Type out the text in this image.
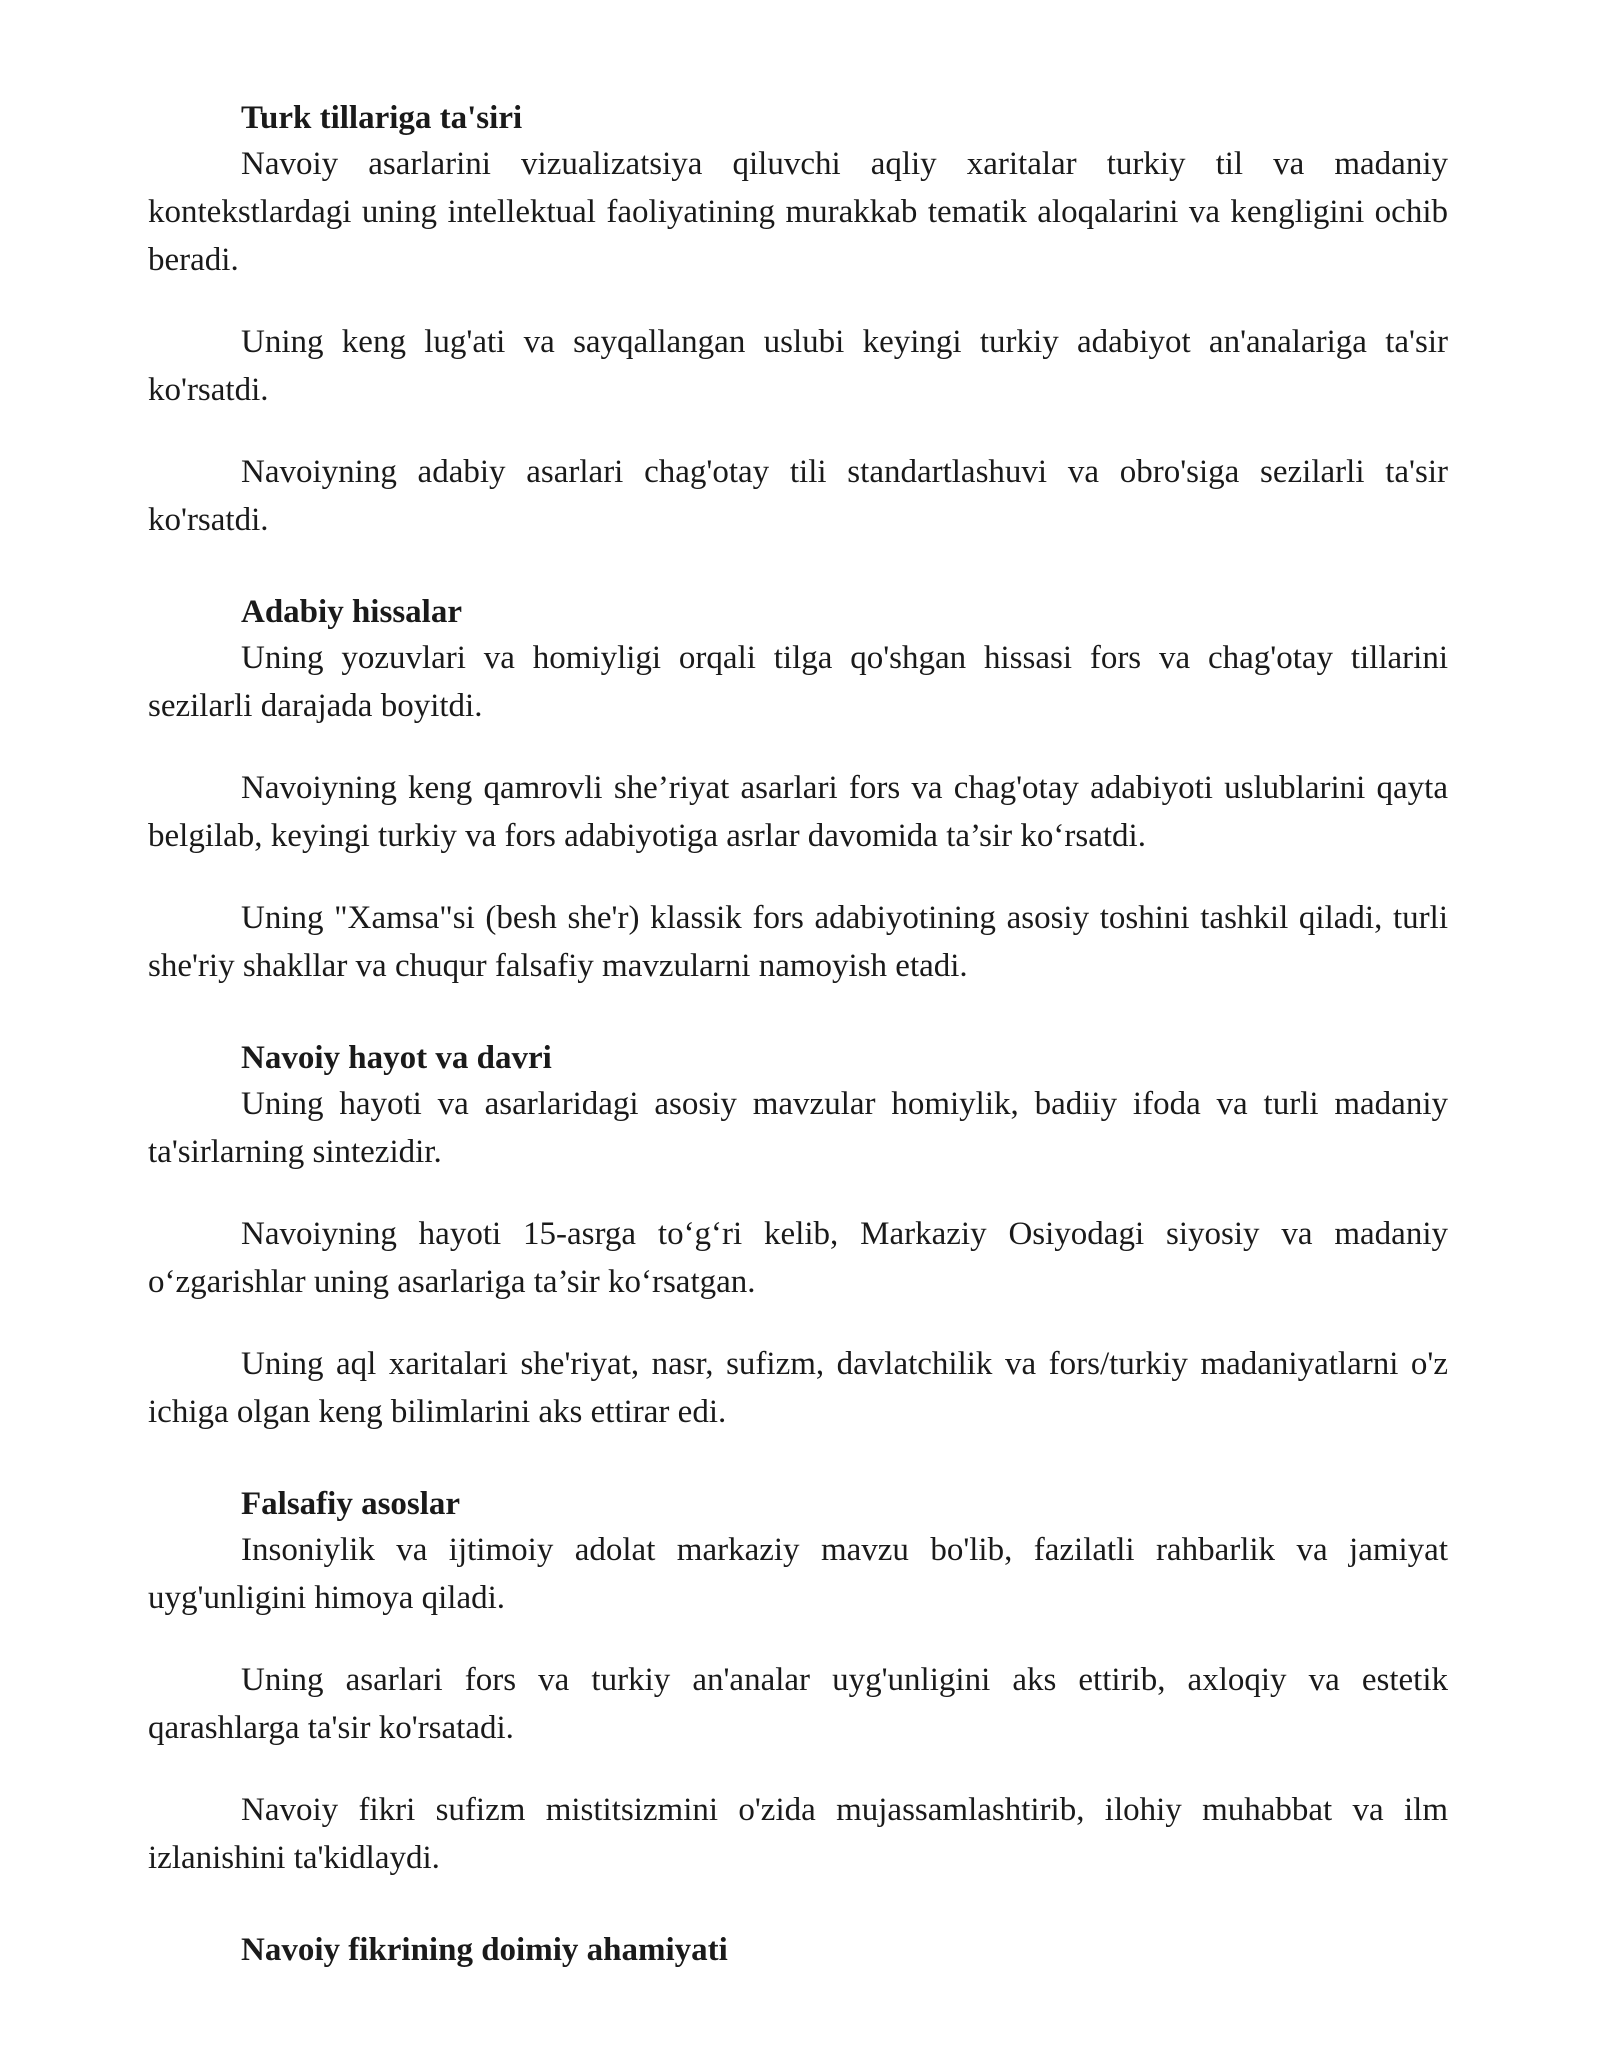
Turk tillariga ta'siri

Navoiy asarlarini vizualizatsiya qiluvchi aqliy xaritalar turkiy til va madaniy kontekstlardagi uning intellektual faoliyatining murakkab tematik aloqalarini va kengligini ochib beradi.

Uning keng lug'ati va sayqallangan uslubi keyingi turkiy adabiyot an'analariga ta'sir ko'rsatdi.

Navoiyning adabiy asarlari chag'otay tili standartlashuvi va obro'siga sezilarli ta'sir ko'rsatdi.

Adabiy hissalar

Uning yozuvlari va homiyligi orqali tilga qo'shgan hissasi fors va chag'otay tillarini sezilarli darajada boyitdi.

Navoiyning keng qamrovli she’riyat asarlari fors va chag'otay adabiyoti uslublarini qayta belgilab, keyingi turkiy va fors adabiyotiga asrlar davomida ta’sir ko‘rsatdi.

Uning "Xamsa"si (besh she'r) klassik fors adabiyotining asosiy toshini tashkil qiladi, turli she'riy shakllar va chuqur falsafiy mavzularni namoyish etadi.

Navoiy hayot va davri

Uning hayoti va asarlaridagi asosiy mavzular homiylik, badiiy ifoda va turli madaniy ta'sirlarning sintezidir.

Navoiyning hayoti 15-asrga to‘g‘ri kelib, Markaziy Osiyodagi siyosiy va madaniy o‘zgarishlar uning asarlariga ta’sir ko‘rsatgan.

Uning aql xaritalari she'riyat, nasr, sufizm, davlatchilik va fors/turkiy madaniyatlarni o'z ichiga olgan keng bilimlarini aks ettirar edi.

Falsafiy asoslar

Insoniylik va ijtimoiy adolat markaziy mavzu bo'lib, fazilatli rahbarlik va jamiyat uyg'unligini himoya qiladi.

Uning asarlari fors va turkiy an'analar uyg'unligini aks ettirib, axloqiy va estetik qarashlarga ta'sir ko'rsatadi.

Navoiy fikri sufizm mistitsizmini o'zida mujassamlashtirib, ilohiy muhabbat va ilm izlanishini ta'kidlaydi.

Navoiy fikrining doimiy ahamiyati
